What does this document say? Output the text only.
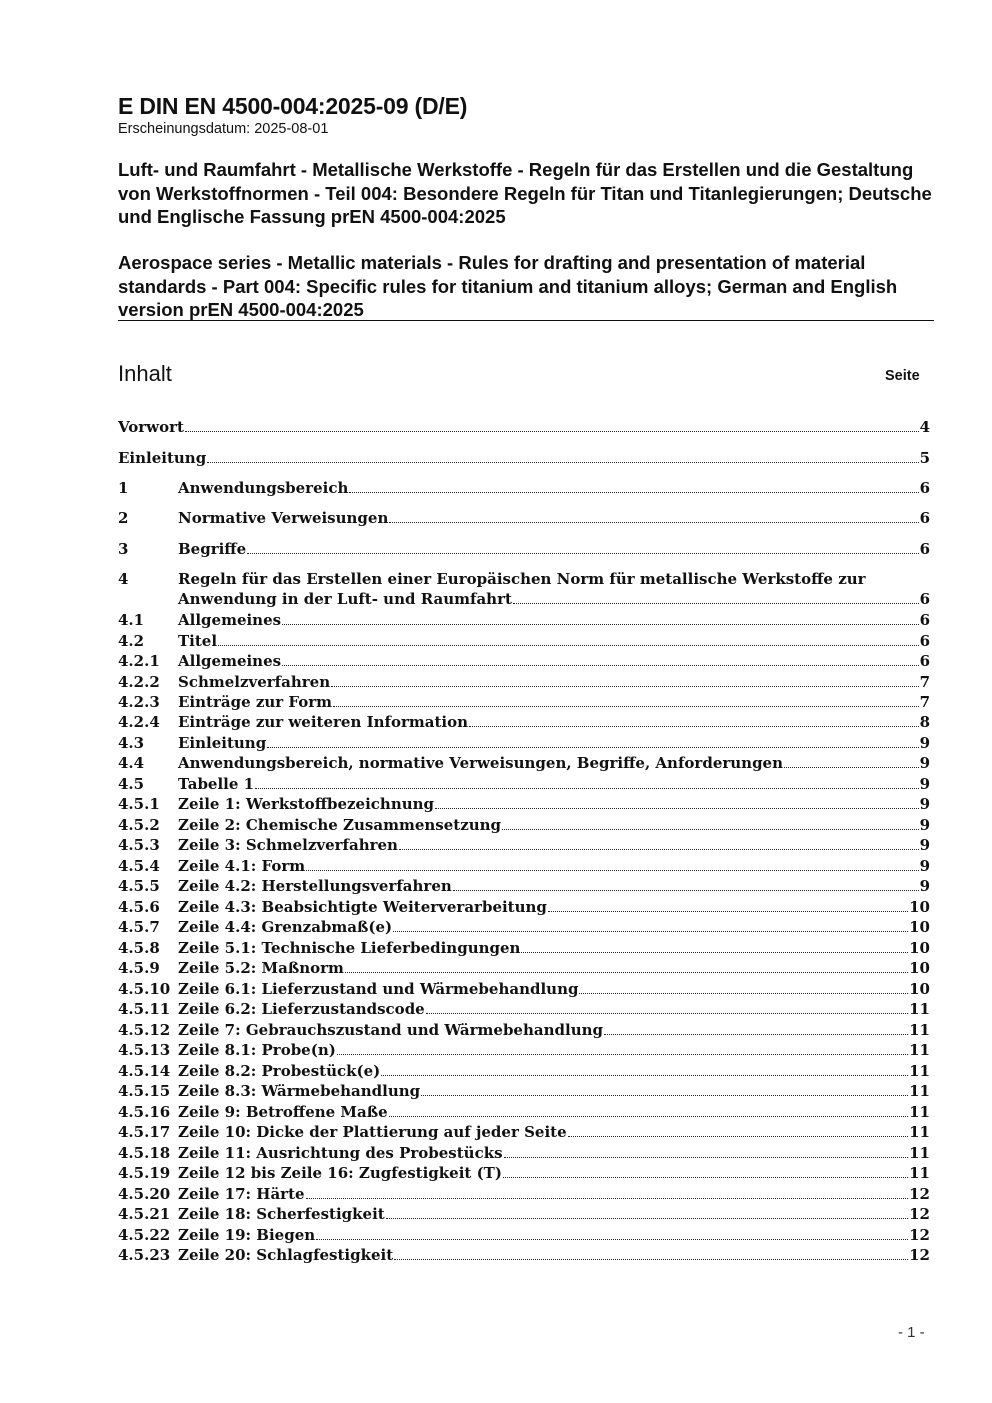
E DIN EN 4500-004:2025-09 (D/E)
Erscheinungsdatum: 2025-08-01
Luft- und Raumfahrt - Metallische Werkstoffe - Regeln für das Erstellen und die Gestaltung von Werkstoffnormen - Teil 004: Besondere Regeln für Titan und Titanlegierungen; Deutsche und Englische Fassung prEN 4500-004:2025
Aerospace series - Metallic materials - Rules for drafting and presentation of material standards - Part 004: Specific rules for titanium and titanium alloys; German and English version prEN 4500-004:2025
Inhalt	Seite
Vorwort	4
Einleitung	5
1	Anwendungsbereich	6
2	Normative Verweisungen	6
3	Begriffe	6
4	Regeln für das Erstellen einer Europäischen Norm für metallische Werkstoffe zur
Anwendung in der Luft- und Raumfahrt	6
4.1 Allgemeines	6
4.2 Titel	6
4.2.1 Allgemeines	6
4.2.2 Schmelzverfahren	7
4.2.3 Einträge zur Form	7
4.2.4 Einträge zur weiteren Information	8
4.3 Einleitung	9
4.4 Anwendungsbereich, normative Verweisungen, Begriffe, Anforderungen	9
4.5 Tabelle 1	9
4.5.1 Zeile 1: Werkstoffbezeichnung	9
4.5.2 Zeile 2: Chemische Zusammensetzung	9
4.5.3 Zeile 3: Schmelzverfahren	9
4.5.4 Zeile 4.1: Form	9
4.5.5 Zeile 4.2: Herstellungsverfahren	9
4.5.6 Zeile 4.3: Beabsichtigte Weiterverarbeitung	10
4.5.7 Zeile 4.4: Grenzabmaß(e)	10
4.5.8 Zeile 5.1: Technische Lieferbedingungen	10
4.5.9 Zeile 5.2: Maßnorm	10
4.5.10 Zeile 6.1: Lieferzustand und Wärmebehandlung	10
4.5.11 Zeile 6.2: Lieferzustandscode	11
4.5.12 Zeile 7: Gebrauchszustand und Wärmebehandlung	11
4.5.13 Zeile 8.1: Probe(n)	11
4.5.14 Zeile 8.2: Probestück(e)	11
4.5.15 Zeile 8.3: Wärmebehandlung	11
4.5.16 Zeile 9: Betroffene Maße	11
4.5.17 Zeile 10: Dicke der Plattierung auf jeder Seite	11
4.5.18 Zeile 11: Ausrichtung des Probestücks	11
4.5.19 Zeile 12 bis Zeile 16: Zugfestigkeit (T)	11
4.5.20 Zeile 17: Härte	12
4.5.21 Zeile 18: Scherfestigkeit	12
4.5.22 Zeile 19: Biegen	12
4.5.23 Zeile 20: Schlagfestigkeit	12
- 1 -
